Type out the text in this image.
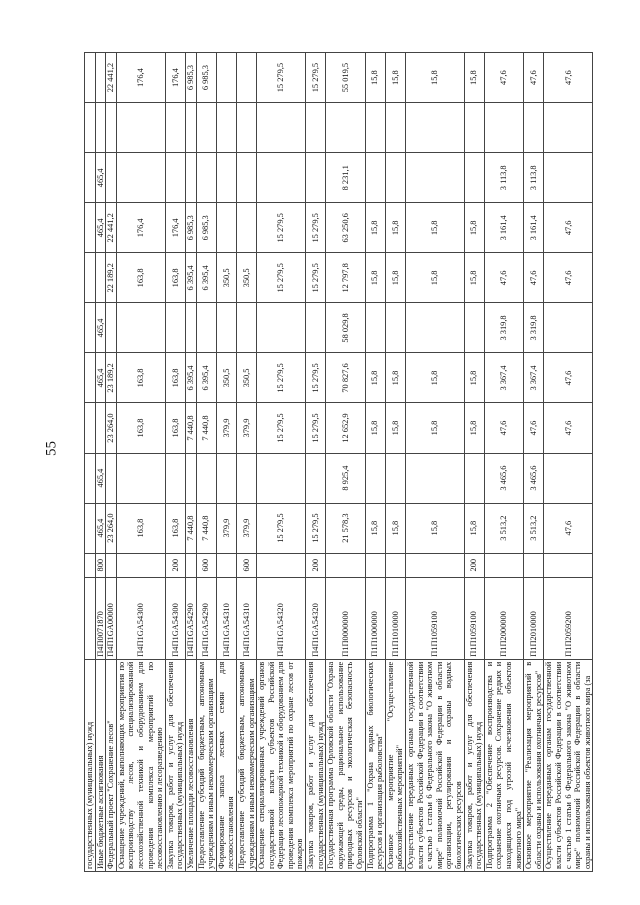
55
государственных (муниципальных) нужд												
Иные бюджетные ассигнования	П4П0071870	800	465,4	465,4		465,4	465,4		465,4	465,4		
Федеральный проект "Сохранение лесов"	П4П1GA00000		23 264,0		23 264,0	23 189,2		22 189,2	22 441,2			22 441,2
Оснащение учреждений, выполняющих мероприятия по воспроизводству лесов, специализированной лесохозяйственной техникой и оборудованием для проведения комплекса мероприятий по лесовосстановлению и лесоразведению	П4П1GA54300		163,8		163,8	163,8		163,8	176,4			176,4
Закупка товаров, работ и услуг для обеспечения государственных (муниципальных) нужд	П4П1GA54300	200	163,8		163,8	163,8		163,8	176,4			176,4
Увеличение площади лесовосстановления	П4П1GA54290		7 440,8		7 440,8	6 395,4		6 395,4	6 985,3			6 985,3
Предоставление субсидий бюджетным, автономным учреждениям и иным некоммерческим организациям	П4П1GA54290	600	7 440,8		7 440,8	6 395,4		6 395,4	6 985,3			6 985,3
Формирование запаса лесных семян для лесовосстановления	П4П1GA54310		379,9		379,9	350,5		350,5				
Предоставление субсидий бюджетным, автономным учреждениям и иным некоммерческим организациям	П4П1GA54310	600	379,9		379,9	350,5		350,5				
Оснащение специализированных учреждений органов государственной власти субъектов Российской Федерации лесопожарной техникой и оборудованием для проведения комплекса мероприятий по охране лесов от пожаров	П4П1GA54320		15 279,5		15 279,5	15 279,5		15 279,5	15 279,5			15 279,5
Закупка товаров, работ и услуг для обеспечения государственных (муниципальных) нужд	П4П1GA54320	200	15 279,5		15 279,5	15 279,5		15 279,5	15 279,5			15 279,5
Государственная программа Орловской области "Охрана окружающей среды, рациональное использование природных ресурсов и экологическая безопасность Орловской области"	П1П0000000		21 578,3	8 925,4	12 652,9	70 827,6	58 029,8	12 797,8	63 250,6	8 231,1		55 019,5
Подпрограмма 1 "Охрана водных биологических ресурсов и организация рыболовства"	П1П1000000		15,8		15,8	15,8		15,8	15,8			15,8
Основное мероприятие "Осуществление рыбохозяйственных мероприятий"	П1П1010000		15,8		15,8	15,8		15,8	15,8			15,8
Осуществление переданных органам государственной власти субъектов Российской Федерации в соответствии с частью 1 статьи 6 Федерального закона "О животном мире" полномочий Российской Федерации в области организации, регулирования и охраны водных биологических ресурсов	П1П1059100		15,8		15,8	15,8		15,8	15,8			15,8
Закупка товаров, работ и услуг для обеспечения государственных (муниципальных) нужд	П1П1059100	200	15,8		15,8	15,8		15,8	15,8			15,8
Подпрограмма 2 "Обеспечение воспроизводства и сохранение охотничьих ресурсов. Сохранение редких и находящихся под угрозой исчезновения объектов животного мира"	П1П2000000		3 513,2	3 465,6	47,6	3 367,4	3 319,8	47,6	3 161,4	3 113,8		47,6
Основное мероприятие "Реализация мероприятий в области охраны и использования охотничьих ресурсов"	П1П2010000		3 513,2	3 465,6	47,6	3 367,4	3 319,8	47,6	3 161,4	3 113,8		47,6
Осуществление переданных органам государственной власти субъектов Российской Федерации в соответствии с частью 1 статьи 6 Федерального закона "О животном мире" полномочий Российской Федерации в области охраны и использования объектов животного мира (за	П1П2059200		47,6		47,6	47,6		47,6	47,6			47,6
